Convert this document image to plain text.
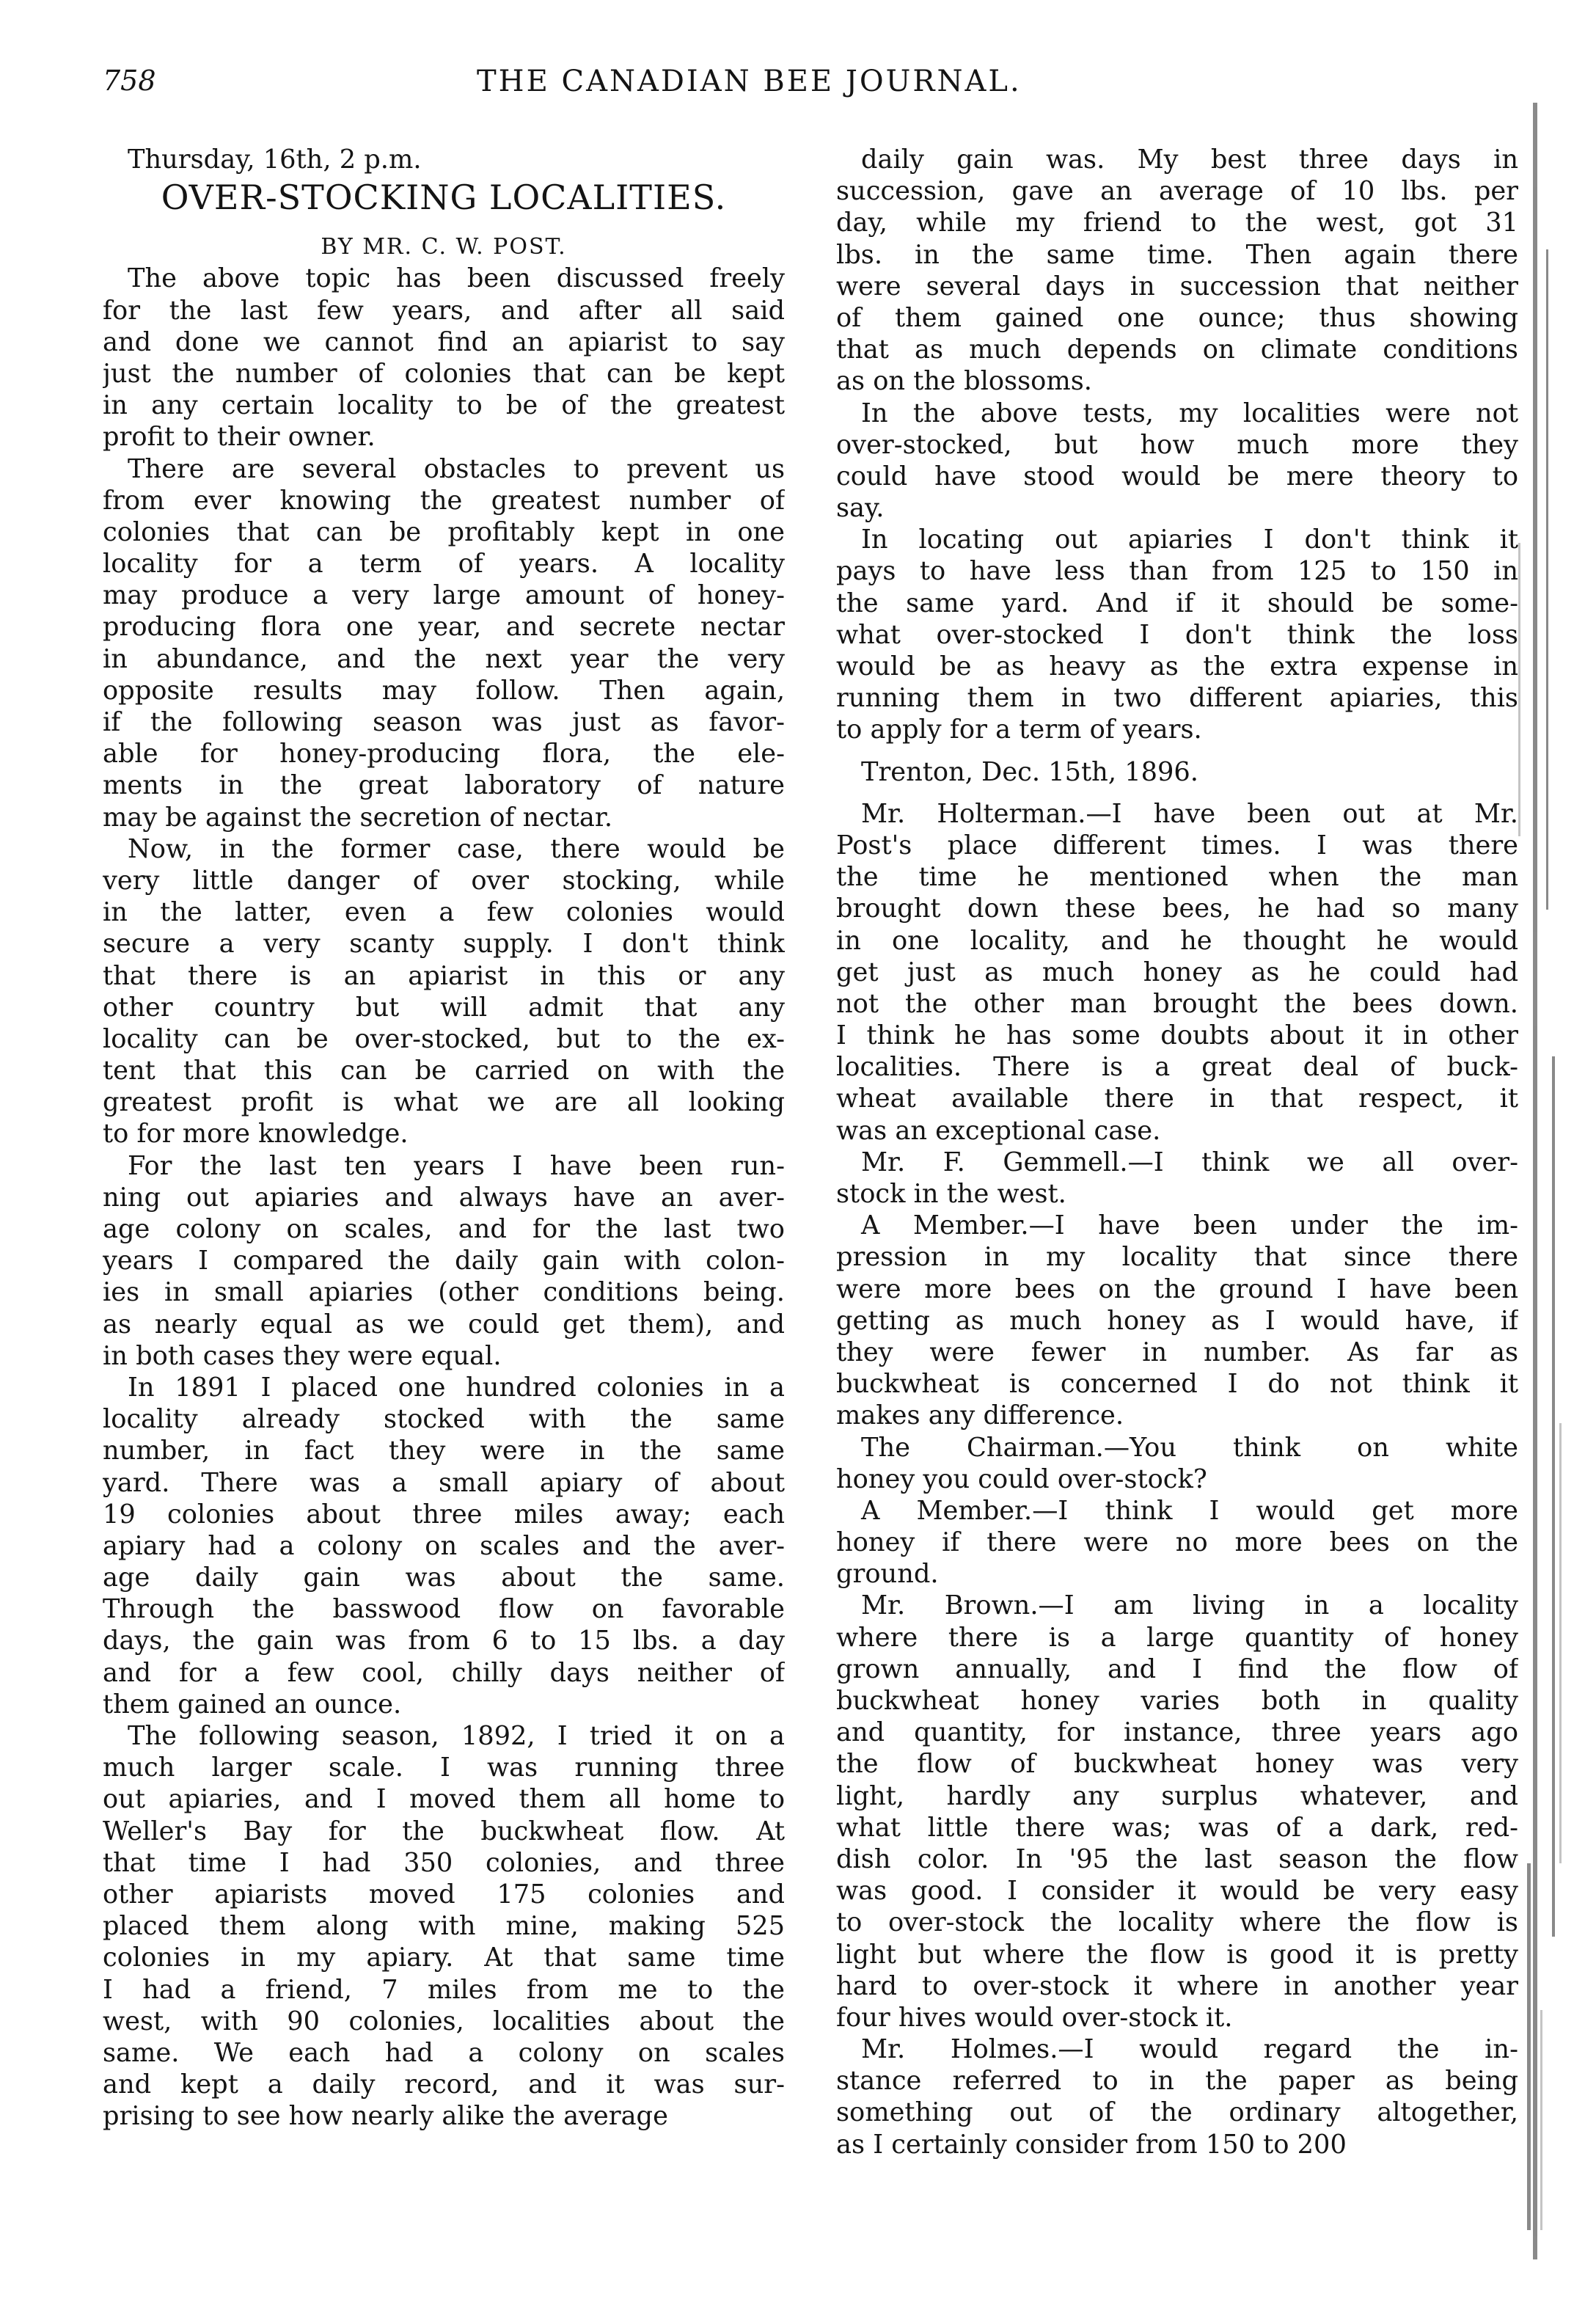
758	THE CANADIAN BEE JOURNAL.
Thursday, 16th, 2 p.m.
OVER-STOCKING LOCALITIES.
BY MR. C. W. POST.
The above topic has been discussed freely
for the last few years, and after all said
and done we cannot find an apiarist to say
just the number of colonies that can be kept
in any certain locality to be of the greatest
profit to their owner.
There are several obstacles to prevent us
from ever knowing the greatest number of
colonies that can be profitably kept in one
locality for a term of years. A locality
may produce a very large amount of honey-
producing flora one year, and secrete nectar
in abundance, and the next year the very
opposite results may follow. Then again,
if the following season was just as favor-
able for honey-producing flora, the ele-
ments in the great laboratory of nature
may be against the secretion of nectar.
Now, in the former case, there would be
very little danger of over stocking, while
in the latter, even a few colonies would
secure a very scanty supply. I don't think
that there is an apiarist in this or any
other country but will admit that any
locality can be over-stocked, but to the ex-
tent that this can be carried on with the
greatest profit is what we are all looking
to for more knowledge.
For the last ten years I have been run-
ning out apiaries and always have an aver-
age colony on scales, and for the last two
years I compared the daily gain with colon-
ies in small apiaries (other conditions being.
as nearly equal as we could get them), and
in both cases they were equal.
In 1891 I placed one hundred colonies in a
locality already stocked with the same
number, in fact they were in the same
yard. There was a small apiary of about
19 colonies about three miles away; each
apiary had a colony on scales and the aver-
age daily gain was about the same.
Through the basswood flow on favorable
days, the gain was from 6 to 15 lbs. a day
and for a few cool, chilly days neither of
them gained an ounce.
The following season, 1892, I tried it on a
much larger scale. I was running three
out apiaries, and I moved them all home to
Weller's Bay for the buckwheat flow. At
that time I had 350 colonies, and three
other apiarists moved 175 colonies and
placed them along with mine, making 525
colonies in my apiary. At that same time
I had a friend, 7 miles from me to the
west, with 90 colonies, localities about the
same. We each had a colony on scales
and kept a daily record, and it was sur-
prising to see how nearly alike the average
daily gain was. My best three days in
succession, gave an average of 10 lbs. per
day, while my friend to the west, got 31
lbs. in the same time. Then again there
were several days in succession that neither
of them gained one ounce; thus showing
that as much depends on climate conditions
as on the blossoms.
In the above tests, my localities were not
over-stocked, but how much more they
could have stood would be mere theory to
say.
In locating out apiaries I don't think it
pays to have less than from 125 to 150 in
the same yard. And if it should be some-
what over-stocked I don't think the loss
would be as heavy as the extra expense in
running them in two different apiaries, this
to apply for a term of years.
Trenton, Dec. 15th, 1896.
Mr. Holterman.—I have been out at Mr.
Post's place different times. I was there
the time he mentioned when the man
brought down these bees, he had so many
in one locality, and he thought he would
get just as much honey as he could had
not the other man brought the bees down.
I think he has some doubts about it in other
localities. There is a great deal of buck-
wheat available there in that respect, it
was an exceptional case.
Mr. F. Gemmell.—I think we all over-
stock in the west.
A Member.—I have been under the im-
pression in my locality that since there
were more bees on the ground I have been
getting as much honey as I would have, if
they were fewer in number. As far as
buckwheat is concerned I do not think it
makes any difference.
The Chairman.—You think on white
honey you could over-stock?
A Member.—I think I would get more
honey if there were no more bees on the
ground.
Mr. Brown.—I am living in a locality
where there is a large quantity of honey
grown annually, and I find the flow of
buckwheat honey varies both in quality
and quantity, for instance, three years ago
the flow of buckwheat honey was very
light, hardly any surplus whatever, and
what little there was; was of a dark, red-
dish color. In '95 the last season the flow
was good. I consider it would be very easy
to over-stock the locality where the flow is
light but where the flow is good it is pretty
hard to over-stock it where in another year
four hives would over-stock it.
Mr. Holmes.—I would regard the in-
stance referred to in the paper as being
something out of the ordinary altogether,
as I certainly consider from 150 to 200
